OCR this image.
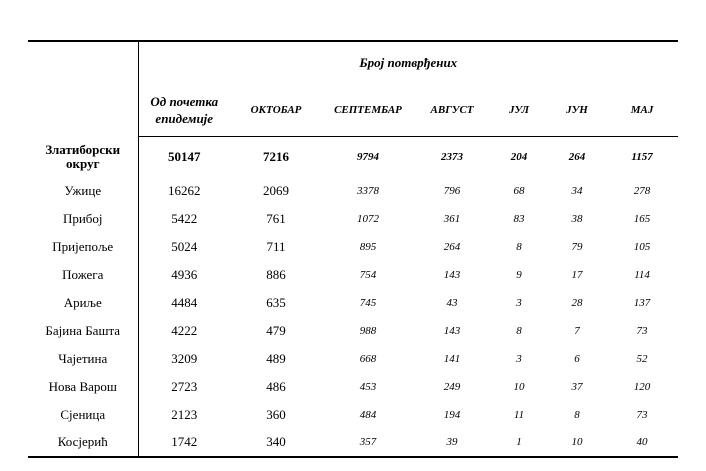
	Број потврђених						
	Од почетка епидемије	ОКТОБАР	СЕПТЕМБАР	АВГУСТ	ЈУЛ	ЈУН	МАЈ
Златиборски округ	50147	7216	9794	2373	204	264	1157
Ужице	16262	2069	3378	796	68	34	278
Прибој	5422	761	1072	361	83	38	165
Пријепоље	5024	711	895	264	8	79	105
Пожега	4936	886	754	143	9	17	114
Ариље	4484	635	745	43	3	28	137
Бајина Башта	4222	479	988	143	8	7	73
Чајетина	3209	489	668	141	3	6	52
Нова Варош	2723	486	453	249	10	37	120
Сјеница	2123	360	484	194	11	8	73
Косјерић	1742	340	357	39	1	10	40
